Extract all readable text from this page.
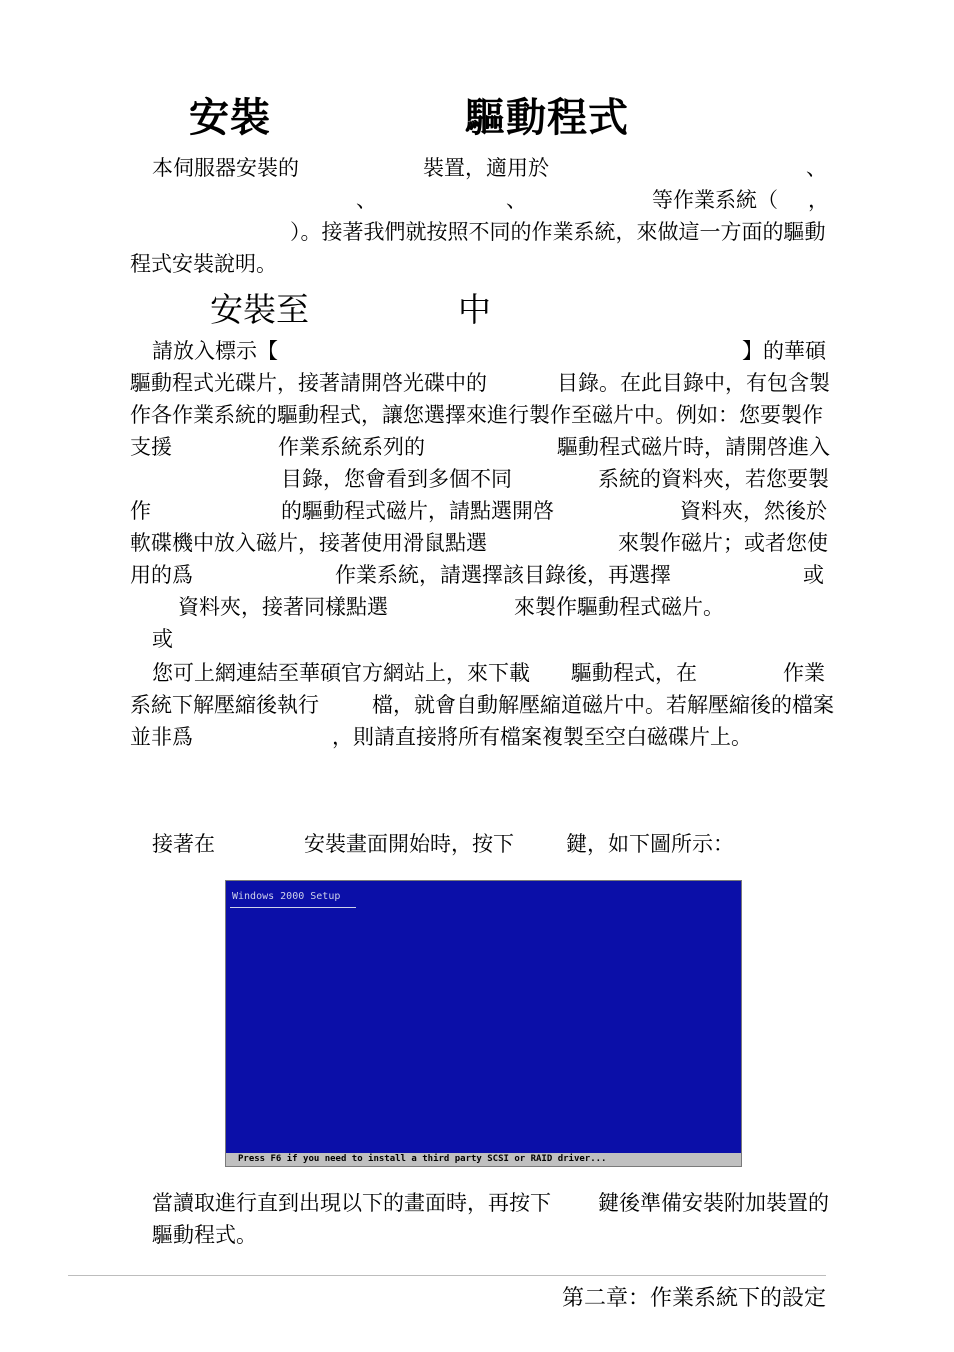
安裝	驅動程式
本伺服器安裝的	裝置，適用於	、
、	、	等作業系統（ ，
）。接著我們就按照不同的作業系統，來做這一方面的驅動
程式安裝說明。
安裝至	中
請放入標示【	】的華碩
驅動程式光碟片，接著請開啓光碟中的	目錄。在此目錄中，有包含製
作各作業系統的驅動程式，讓您選擇來進行製作至磁片中。例如：您要製作
支援	作業系統系列的	驅動程式磁片時，請開啓進入
目錄，您會看到多個不同	系統的資料夾，若您要製
作	的驅動程式磁片，請點選開啓	資料夾，然後於
軟碟機中放入磁片，接著使用滑鼠點選	來製作磁片；或者您使
用的爲	作業系統，請選擇該目錄後，再選擇	或
資料夾，接著同樣點選	來製作驅動程式磁片。
或
您可上網連結至華碩官方網站上，來下載 驅動程式，在	作業
系統下解壓縮後執行	檔，就會自動解壓縮道磁片中。若解壓縮後的檔案
並非爲	，則請直接將所有檔案複製至空白磁碟片上。
接著在	安裝畫面開始時，按下 鍵，如下圖所示：
Windows 2000 Setup
Press F6 if you need to install a third party SCSI or RAID driver...
當讀取進行直到出現以下的畫面時，再按下 鍵後準備安裝附加裝置的
驅動程式。
第二章：作業系統下的設定
